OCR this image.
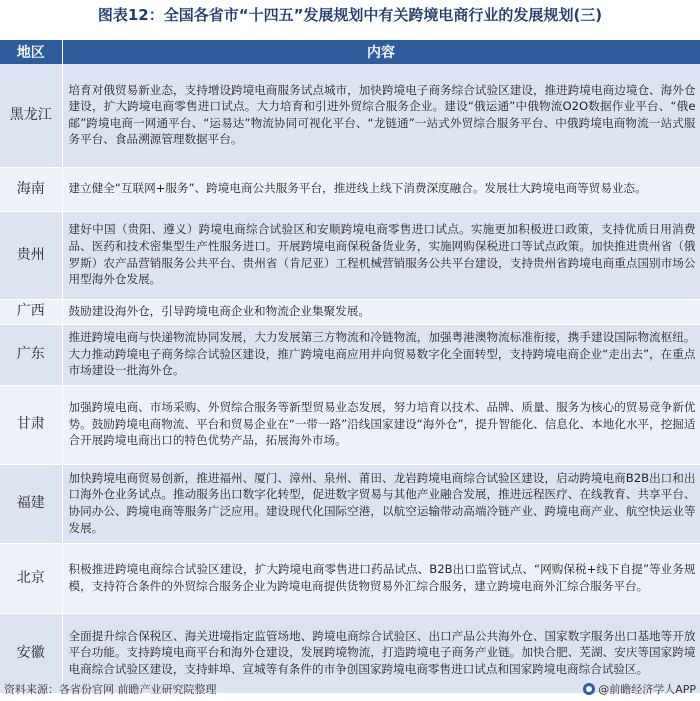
图表12：全国各省市“十四五”发展规划中有关跨境电商行业的发展规划(三)
地区	内容
黑龙江	培育对俄贸易新业态，支持增设跨境电商服务试点城市，加快跨境电子商务综合试验区建设，推进跨境电商边境仓、海外仓建设，扩大跨境电商零售进口试点。大力培育和引进外贸综合服务企业。建设“俄运通”中俄物流O2O数据作业平台、“俄e邮”跨境电商一网通平台、“运易达”物流协同可视化平台、“龙链通”一站式外贸综合服务平台、中俄跨境电商物流一站式服务平台、食品溯源管理数据平台。
海南	建立健全“互联网+服务”、跨境电商公共服务平台，推进线上线下消费深度融合。发展壮大跨境电商等贸易业态。
贵州	建好中国（贵阳、遵义）跨境电商综合试验区和安顺跨境电商零售进口试点。实施更加积极进口政策，支持优质日用消费品、医药和技术密集型生产性服务进口。开展跨境电商保税备货业务，实施网购保税进口等试点政策。加快推进贵州省（俄罗斯）农产品营销服务公共平台、贵州省（肯尼亚）工程机械营销服务公共平台建设，支持贵州省跨境电商重点国别市场公用型海外仓发展。
广西	鼓励建设海外仓，引导跨境电商企业和物流企业集聚发展。
广东	推进跨境电商与快递物流协同发展，大力发展第三方物流和冷链物流，加强粤港澳物流标准衔接，携手建设国际物流枢纽。大力推动跨境电子商务综合试验区建设，推广跨境电商应用并向贸易数字化全面转型，支持跨境电商企业“走出去”，在重点市场建设一批海外仓。
甘肃	加强跨境电商、市场采购、外贸综合服务等新型贸易业态发展，努力培育以技术、品牌、质量、服务为核心的贸易竞争新优势。鼓励跨境电商物流、平台和贸易企业在“一带一路”沿线国家建设“海外仓”，提升智能化、信息化、本地化水平，挖掘适合开展跨境电商出口的特色优势产品，拓展海外市场。
福建	加快跨境电商贸易创新，推进福州、厦门、漳州、泉州、莆田、龙岩跨境电商综合试验区建设，启动跨境电商B2B出口和出口海外仓业务试点。推动服务出口数字化转型，促进数字贸易与其他产业融合发展，推进远程医疗、在线教育、共享平台、协同办公、跨境电商等服务广泛应用。建设现代化国际空港，以航空运输带动高端冷链产业、跨境电商产业、航空快运业等发展。
北京	积极推进跨境电商综合试验区建设，扩大跨境电商零售进口药品试点、B2B出口监管试点、“网购保税+线下自提”等业务规模，支持符合条件的外贸综合服务企业为跨境电商提供货物贸易外汇综合服务，建立跨境电商外汇综合服务平台。
安徽	全面提升综合保税区、海关进境指定监管场地、跨境电商综合试验区、出口产品公共海外仓、国家数字服务出口基地等开放平台功能。支持跨境电商平台和海外仓建设，发展跨境物流，打造跨境电子商务产业链。加快合肥、芜湖、安庆等国家跨境电商综合试验区建设，支持蚌埠、宣城等有条件的市争创国家跨境电商零售进口试点和国家跨境电商综合试验区。
资料来源：各省份官网 前瞻产业研究院整理	@前瞻经济学人APP
